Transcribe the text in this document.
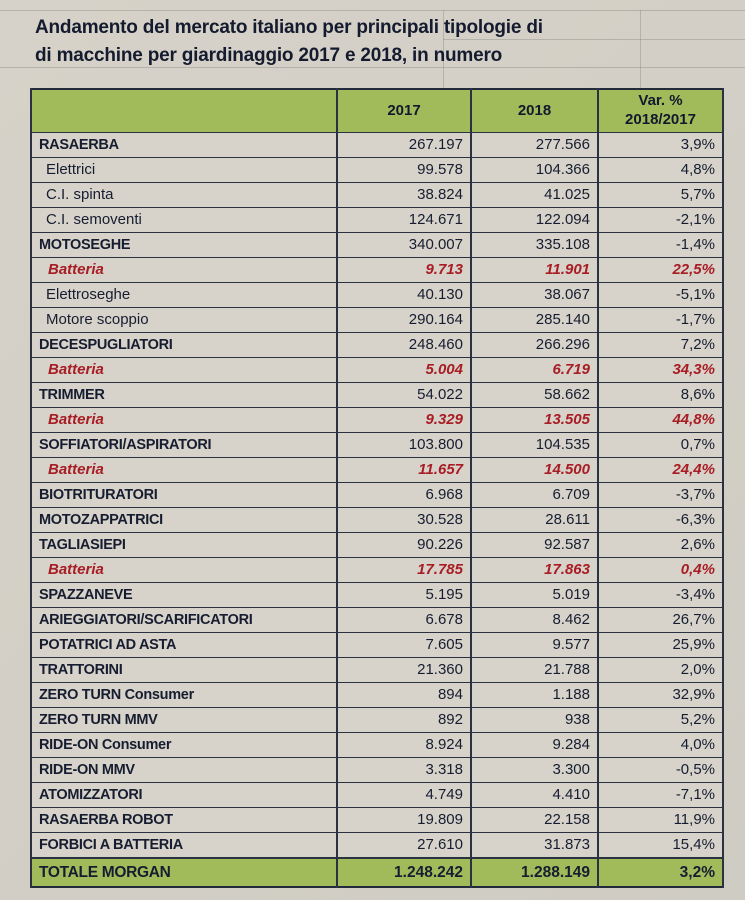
Andamento del mercato italiano per principali tipologie di
di macchine per giardinaggio 2017 e 2018, in numero
	2017	2018	Var. %
2018/2017
RASAERBA	267.197	277.566	3,9%
Elettrici	99.578	104.366	4,8%
C.I. spinta	38.824	41.025	5,7%
C.I. semoventi	124.671	122.094	-2,1%
MOTOSEGHE	340.007	335.108	-1,4%
Batteria	9.713	11.901	22,5%
Elettroseghe	40.130	38.067	-5,1%
Motore scoppio	290.164	285.140	-1,7%
DECESPUGLIATORI	248.460	266.296	7,2%
Batteria	5.004	6.719	34,3%
TRIMMER	54.022	58.662	8,6%
Batteria	9.329	13.505	44,8%
SOFFIATORI/ASPIRATORI	103.800	104.535	0,7%
Batteria	11.657	14.500	24,4%
BIOTRITURATORI	6.968	6.709	-3,7%
MOTOZAPPATRICI	30.528	28.611	-6,3%
TAGLIASIEPI	90.226	92.587	2,6%
Batteria	17.785	17.863	0,4%
SPAZZANEVE	5.195	5.019	-3,4%
ARIEGGIATORI/SCARIFICATORI	6.678	8.462	26,7%
POTATRICI AD ASTA	7.605	9.577	25,9%
TRATTORINI	21.360	21.788	2,0%
ZERO TURN Consumer	894	1.188	32,9%
ZERO TURN MMV	892	938	5,2%
RIDE-ON Consumer	8.924	9.284	4,0%
RIDE-ON MMV	3.318	3.300	-0,5%
ATOMIZZATORI	4.749	4.410	-7,1%
RASAERBA ROBOT	19.809	22.158	11,9%
FORBICI A BATTERIA	27.610	31.873	15,4%
TOTALE MORGAN	1.248.242	1.288.149	3,2%
